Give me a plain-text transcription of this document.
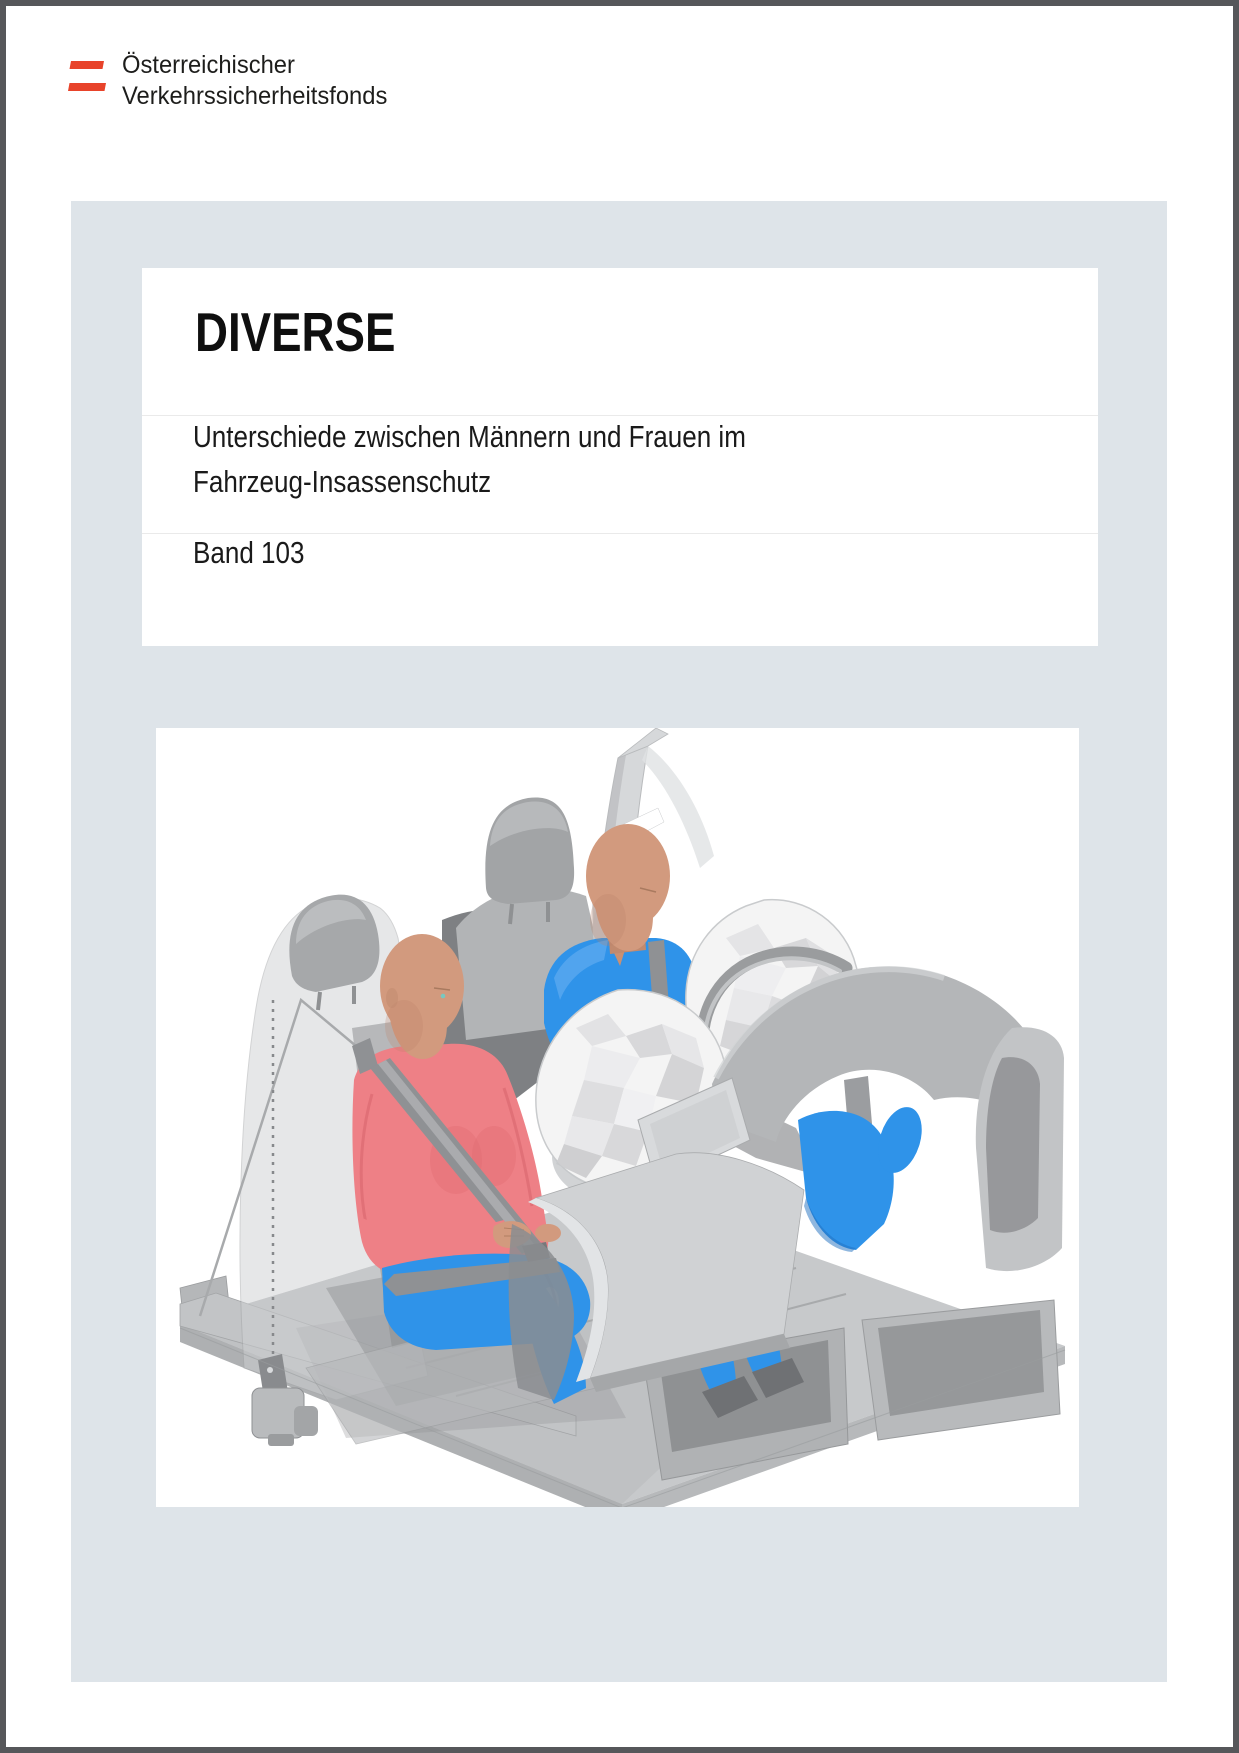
Österreichischer
Verkehrssicherheitsfonds
DIVERSE

Unterschiede zwischen Männern und Frauen im
Fahrzeug-Insassenschutz

Band 103
